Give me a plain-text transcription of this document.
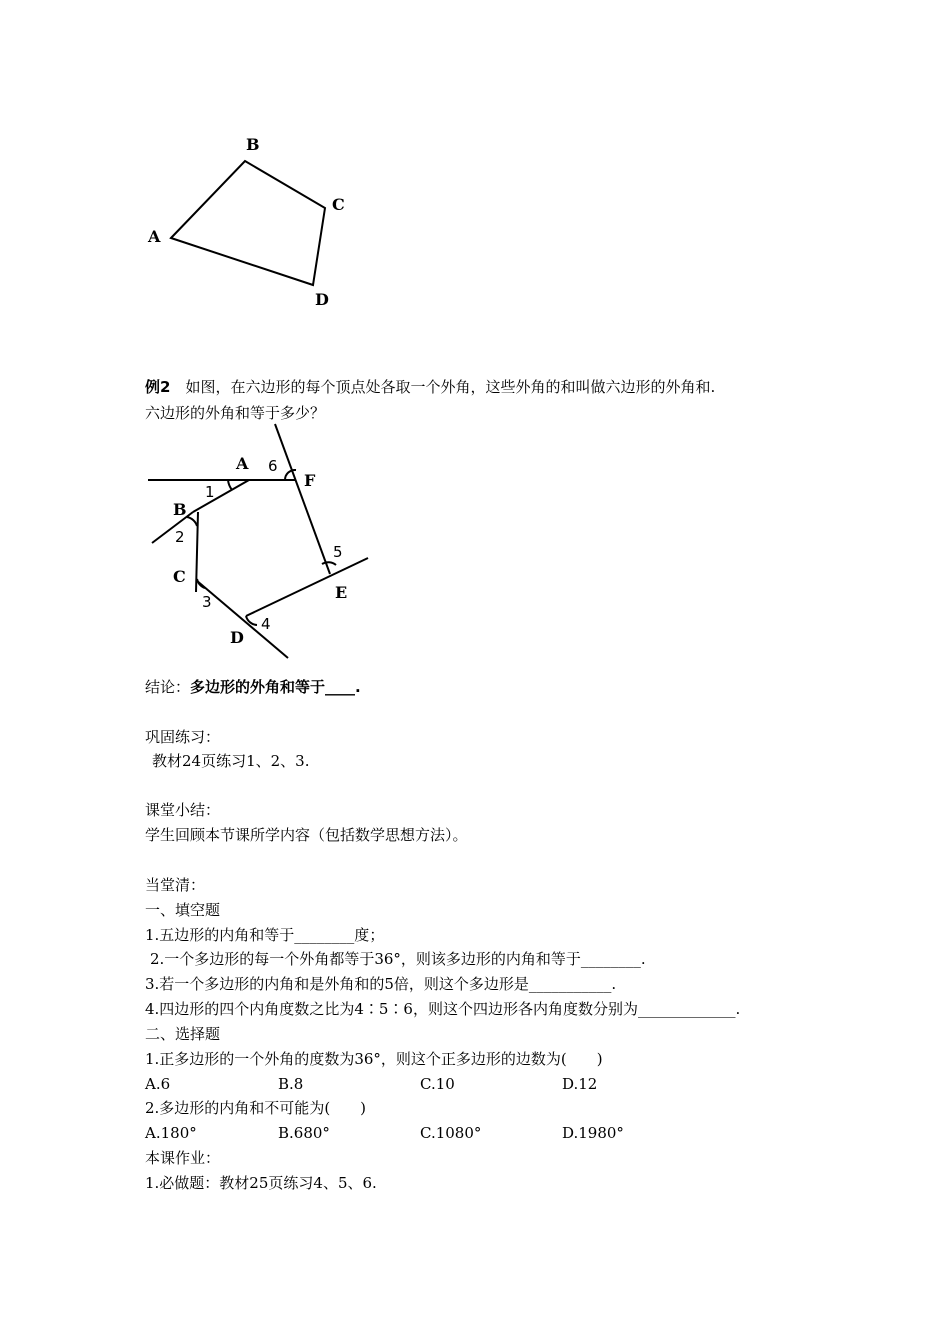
A
B
C
D
例2　如图，在六边形的每个顶点处各取一个外角，这些外角的和叫做六边形的外角和.
六边形的外角和等于多少？
A
B
C
D
E
F
1
2
3
4
5
6
结论：多边形的外角和等于____.
巩固练习：
教材24页练习1、2、3.
课堂小结：
学生回顾本节课所学内容（包括数学思想方法）。
当堂清：
一、填空题
1.五边形的内角和等于________度；
2.一个多边形的每一个外角都等于36°，则该多边形的内角和等于________.
3.若一个多边形的内角和是外角和的5倍，则这个多边形是___________.
4.四边形的四个内角度数之比为4∶5∶6，则这个四边形各内角度数分别为_____________.
二、选择题
1.正多边形的一个外角的度数为36°，则这个正多边形的边数为(　　)
A.6	B.8	C.10	D.12
2.多边形的内角和不可能为(　　)
A.180°	B.680°	C.1080°	D.1980°
本课作业：
1.必做题：教材25页练习4、5、6.
